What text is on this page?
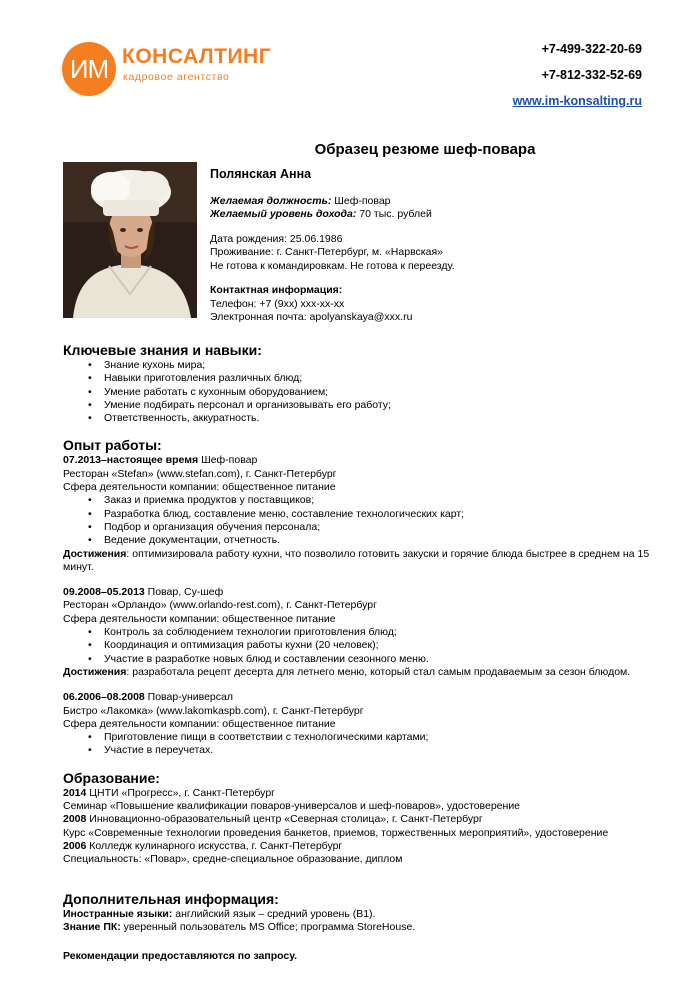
ИМ КОНСАЛТИНГ
кадровое агентство
+7-499-322-20-69
+7-812-332-52-69
www.im-konsalting.ru
Образец резюме шеф-повара
Полянская Анна
Желаемая должность: Шеф-повар
Желаемый уровень дохода: 70 тыс. рублей
Дата рождения: 25.06.1986
Проживание: г. Санкт-Петербург, м. «Нарвская»
Не готова к командировкам. Не готова к переезду.
Контактная информация:
Телефон: +7 (9xx) xxx-xx-xx
Электронная почта: apolyanskaya@xxx.ru
Ключевые знания и навыки:
• Знание кухонь мира;
• Навыки приготовления различных блюд;
• Умение работать с кухонным оборудованием;
• Умение подбирать персонал и организовывать его работу;
• Ответственность, аккуратность.
Опыт работы:
07.2013–настоящее время Шеф-повар
Ресторан «Stefan» (www.stefan.com), г. Санкт-Петербург
Сфера деятельности компании: общественное питание
• Заказ и приемка продуктов у поставщиков;
• Разработка блюд, составление меню, составление технологических карт;
• Подбор и организация обучения персонала;
• Ведение документации, отчетность.
Достижения: оптимизировала работу кухни, что позволило готовить закуски и горячие блюда быстрее в среднем на 15 минут.
09.2008–05.2013 Повар, Су-шеф
Ресторан «Орландо» (www.orlando-rest.com), г. Санкт-Петербург
Сфера деятельности компании: общественное питание
• Контроль за соблюдением технологии приготовления блюд;
• Координация и оптимизация работы кухни (20 человек);
• Участие в разработке новых блюд и составлении сезонного меню.
Достижения: разработала рецепт десерта для летнего меню, который стал самым продаваемым за сезон блюдом.
06.2006–08.2008 Повар-универсал
Бистро «Лакомка» (www.lakomkaspb.com), г. Санкт-Петербург
Сфера деятельности компании: общественное питание
• Приготовление пищи в соответствии с технологическими картами;
• Участие в переучетах.
Образование:
2014 ЦНТИ «Прогресс», г. Санкт-Петербург
Семинар «Повышение квалификации поваров-универсалов и шеф-поваров», удостоверение
2008 Инновационно-образовательный центр «Северная столица», г. Санкт-Петербург
Курс «Современные технологии проведения банкетов, приемов, торжественных мероприятий», удостоверение
2006 Колледж кулинарного искусства, г. Санкт-Петербург
Специальность: «Повар», средне-специальное образование, диплом
Дополнительная информация:
Иностранные языки: английский язык – средний уровень (B1).
Знание ПК: уверенный пользователь MS Office; программа StoreHouse.
Рекомендации предоставляются по запросу.
